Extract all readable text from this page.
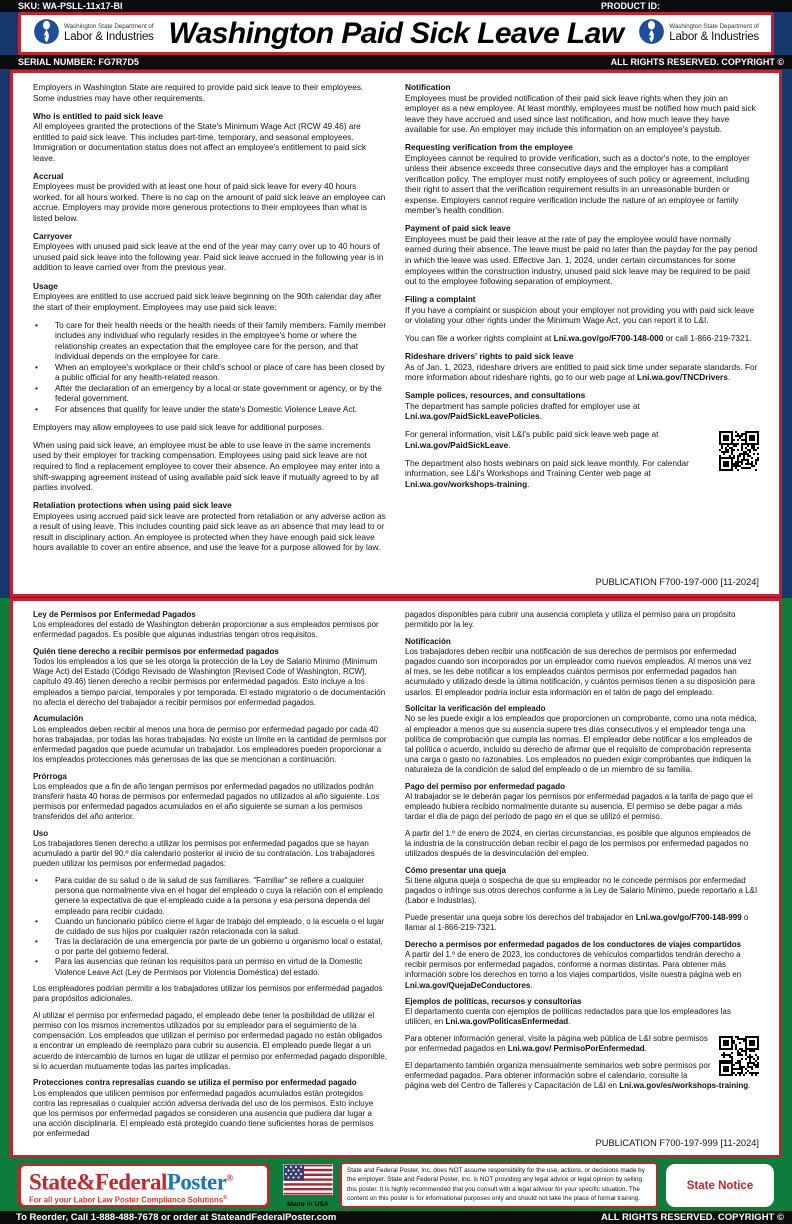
SKU: WA-PSLL-11x17-BI	PRODUCT ID:
Washington State Department of
Labor & Industries Washington Paid Sick Leave Law	Washington State Department of
Labor & Industries
SERIAL NUMBER: FG7R7D5	ALL RIGHTS RESERVED. COPYRIGHT ©
Employers in Washington State are required to provide paid sick leave to their employees. Some industries may have other requirements.
Who is entitled to paid sick leave
All employees granted the protections of the State's Minimum Wage Act (RCW 49.46) are entitled to paid sick leave. This includes part-time, temporary, and seasonal employees. Immigration or documentation status does not affect an employee's entitlement to paid sick leave.
Accrual
Employees must be provided with at least one hour of paid sick leave for every 40 hours worked, for all hours worked. There is no cap on the amount of paid sick leave an employee can accrue. Employers may provide more generous protections to their employees than what is listed below.
Carryover
Employees with unused paid sick leave at the end of the year may carry over up to 40 hours of unused paid sick leave into the following year. Paid sick leave accrued in the following year is in addition to leave carried over from the previous year.
Usage
Employees are entitled to use accrued paid sick leave beginning on the 90th calendar day after the start of their employment. Employees may use paid sick leave:
•	To care for their health needs or the health needs of their family members. Family member includes any individual who regularly resides in the employee's home or where the relationship creates an expectation that the employee care for the person, and that individual depends on the employee for care.
•	When an employee's workplace or their child's school or place of care has been closed by a public official for any health-related reason.
•	After the declaration of an emergency by a local or state government or agency, or by the federal government.
•	For absences that qualify for leave under the state's Domestic Violence Leave Act.
Employers may allow employees to use paid sick leave for additional purposes.
When using paid sick leave, an employee must be able to use leave in the same increments used by their employer for tracking compensation. Employees using paid sick leave are not required to find a replacement employee to cover their absence. An employee may enter into a shift-swapping agreement instead of using available paid sick leave if mutually agreed to by all parties involved.
Retaliation protections when using paid sick leave
Employees using accrued paid sick leave are protected from retaliation or any adverse action as a result of using leave. This includes counting paid sick leave as an absence that may lead to or result in disciplinary action. An employee is protected when they have enough paid sick leave hours available to cover an entire absence, and use the leave for a purpose allowed for by law.
Notification
Employees must be provided notification of their paid sick leave rights when they join an employer as a new employee. At least monthly, employees must be notified how much paid sick leave they have accrued and used since last notification, and how much leave they have available for use. An employer may include this information on an employee's paystub.
Requesting verification from the employee
Employees cannot be required to provide verification, such as a doctor's note, to the employer unless their absence exceeds three consecutive days and the employer has a compliant verification policy. The employer must notify employees of such policy or agreement, including their right to assert that the verification requirement results in an unreasonable burden or expense. Employers cannot require verification include the nature of an employee or family member's health condition.
Payment of paid sick leave
Employees must be paid their leave at the rate of pay the employee would have normally earned during their absence. The leave must be paid no later than the payday for the pay period in which the leave was used. Effective Jan. 1, 2024, under certain circumstances for some employees within the construction industry, unused paid sick leave may be required to be paid out to the employee following separation of employment.
Filing a complaint
If you have a complaint or suspicion about your employer not providing you with paid sick leave or violating your other rights under the Minimum Wage Act, you can report it to L&I.
You can file a worker rights complaint at Lni.wa.gov/go/F700-148-000 or call 1-866-219-7321.
Rideshare drivers' rights to paid sick leave
As of Jan. 1, 2023, rideshare drivers are entitled to paid sick time under separate standards. For more information about rideshare rights, go to our web page at Lni.wa.gov/TNCDrivers.
Sample polices, resources, and consultations
The department has sample policies drafted for employer use at Lni.wa.gov/PaidSickLeavePolicies.
For general information, visit L&I's public paid sick leave web page at Lni.wa.gov/PaidSickLeave.
The department also hosts webinars on paid sick leave monthly. For calendar information, see L&I's Workshops and Training Center web page at Lni.wa.gov/workshops-training.
PUBLICATION F700-197-000 [11-2024]
Ley de Permisos por Enfermedad Pagados
Los empleadores del estado de Washington deberán proporcionar a sus empleados permisos por enfermedad pagados. Es posible que algunas industrias tengan otros requisitos.
Quién tiene derecho a recibir permisos por enfermedad pagados
Todos los empleados a los que se les otorga la protección de la Ley de Salario Mínimo (Minimum Wage Act) del Estado (Código Revisado de Washington [Revised Code of Washington, RCW], capítulo 49.46) tienen derecho a recibir permisos por enfermedad pagados. Esto incluye a los empleados a tiempo parcial, temporales y por temporada. El estado migratorio o de documentación no afecta el derecho del trabajador a recibir permisos por enfermedad pagados.
Acumulación
Los empleados deben recibir al menos una hora de permiso por enfermedad pagado por cada 40 horas trabajadas, por todas las horas trabajadas. No existe un límite en la cantidad de permisos por enfermedad pagados que puede acumular un trabajador. Los empleadores pueden proporcionar a los empleados protecciones más generosas de las que se mencionan a continuación.
Prórroga
Los empleados que a fin de año tengan permisos por enfermedad pagados no utilizados podrán transferir hasta 40 horas de permisos por enfermedad pagados no utilizados al año siguiente. Los permisos por enfermedad pagados acumulados en el año siguiente se suman a los permisos transferidos del año anterior.
Uso
Los trabajadores tienen derecho a utilizar los permisos por enfermedad pagados que se hayan acumulado a partir del 90.º día calendario posterior al inicio de su contratación. Los trabajadores pueden utilizar los permisos por enfermedad pagados:
•	Para cuidar de su salud o de la salud de sus familiares. "Familiar" se refiere a cualquier persona que normalmente viva en el hogar del empleado o cuya la relación con el empleado genere la expectativa de que el empleado cuide a la persona y esa persona dependa del empleado para recibir cuidado.
•	Cuando un funcionario público cierre el lugar de trabajo del empleado, o la escuela o el lugar de cuidado de sus hijos por cualquier razón relacionada con la salud.
•	Tras la declaración de una emergencia por parte de un gobierno u organismo local o estatal, o por parte del gobierno federal.
•	Para las ausencias que reúnan los requisitos para un permiso en virtud de la Domestic Violence Leave Act (Ley de Permisos por Violencia Doméstica) del estado.
Los empleadores podrían permitir a los trabajadores utilizar los permisos por enfermedad pagados para propósitos adicionales.
Al utilizar el permiso por enfermedad pagado, el empleado debe tener la posibilidad de utilizar el permiso con los mismos incrementos utilizados por su empleador para el seguimiento de la compensación. Los empleados que utilizan el permiso por enfermedad pagado no están obligados a encontrar un empleado de reemplazo para cubrir su ausencia. El empleado puede llegar a un acuerdo de intercambio de turnos en lugar de utilizar el permiso por enfermedad pagado disponible, si lo acuerdan mutuamente todas las partes implicadas.
Protecciones contra represalias cuando se utiliza el permiso por enfermedad pagado
Los empleados que utilicen permisos por enfermedad pagados acumulados están protegidos contra las represalias o cualquier acción adversa derivada del uso de los permisos. Esto incluye que los permisos por enfermedad pagados se consideren una ausencia que pudiera dar lugar a una acción disciplinaria. El empleado está protegido cuando tiene suficientes horas de permisos por enfermedad
pagados disponibles para cubrir una ausencia completa y utiliza el permiso para un propósito permitido por la ley.
Notificación
Los trabajadores deben recibir una notificación de sus derechos de permisos por enfermedad pagados cuando son incorporados por un empleador como nuevos empleados. Al menos una vez al mes, se les debe notificar a los empleados cuántos permisos por enfermedad pagados han acumulado y utilizado desde la última notificación, y cuántos permisos tienen a su disposición para usarlos. El empleador podría incluir esta información en el talón de pago del empleado.
Solicitar la verificación del empleado
No se les puede exigir a los empleados que proporcionen un comprobante, como una nota médica, al empleador a menos que su ausencia supere tres días consecutivos y el empleador tenga una política de comprobación que cumpla las normas. El empleador debe notificar a los empleados de tal política o acuerdo, incluido su derecho de afirmar que el requisito de comprobación representa una carga o gasto no razonables. Los empleados no pueden exigir comprobantes que indiquen la naturaleza de la condición de salud del empleado o de un miembro de su familia.
Pago del permiso por enfermedad pagado
Al trabajador se le deberán pagar los permisos por enfermedad pagados a la tarifa de pago que el empleado hubiera recibido normalmente durante su ausencia. El permiso se debe pagar a más tardar el día de pago del período de pago en el que se utilizó el permiso.
A partir del 1.º de enero de 2024, en ciertas circunstancias, es posible que algunos empleados de la industria de la construcción deban recibir el pago de los permisos por enfermedad pagados no utilizados después de la desvinculación del empleo.
Cómo presentar una queja
Si tiene alguna queja o sospecha de que su empleador no le concede permisos por enfermedad pagados o infringe sus otros derechos conforme a la Ley de Salario Mínimo, puede reportarlo a L&I (Labor e Industrias).
Puede presentar una queja sobre los derechos del trabajador en Lni.wa.gov/go/F700-148-999 o llamar al 1-866-219-7321.
Derecho a permisos por enfermedad pagados de los conductores de viajes compartidos
A partir del 1.º de enero de 2023, los conductores de vehículos compartidos tendrán derecho a recibir permisos por enfermedad pagados, conforme a normas distintas. Para obtener más información sobre los derechos en torno a los viajes compartidos, visite nuestra página web en Lni.wa.gov/QuejaDeConductores.
Ejemplos de políticas, recursos y consultorías
El departamento cuenta con ejemplos de políticas redactados para que los empleadores las utilicen, en Lni.wa.gov/PoliticasEnfermedad.
Para obtener información general, visite la página web pública de L&I sobre permisos por enfermedad pagados en Lni.wa.gov/ PermisoPorEnfermedad.
El departamento también organiza mensualmente seminarios web sobre permisos por enfermedad pagados. Para obtener información sobre el calendario, consulte la página web del Centro de Talleres y Capacitación de L&I en Lni.wa.gov/es/workshops-training.
PUBLICATION F700-197-999 [11-2024]
State&FederalPoster®
For all your Labor Law Poster Compliance Solutions®
Made in USA
State and Federal Poster, Inc. does NOT assume responsibility for the use, actions, or decisions made by the employer. State and Federal Poster, Inc. is NOT providing any legal advice or legal opinion by selling this poster. It is highly recommended that you consult with a legal advisor for your specific situation. The content on this poster is for informational purposes only and should not take the place of formal training.
State Notice
To Reorder, Call 1-888-488-7678 or order at StateandFederalPoster.com	ALL RIGHTS RESERVED. COPYRIGHT ©
